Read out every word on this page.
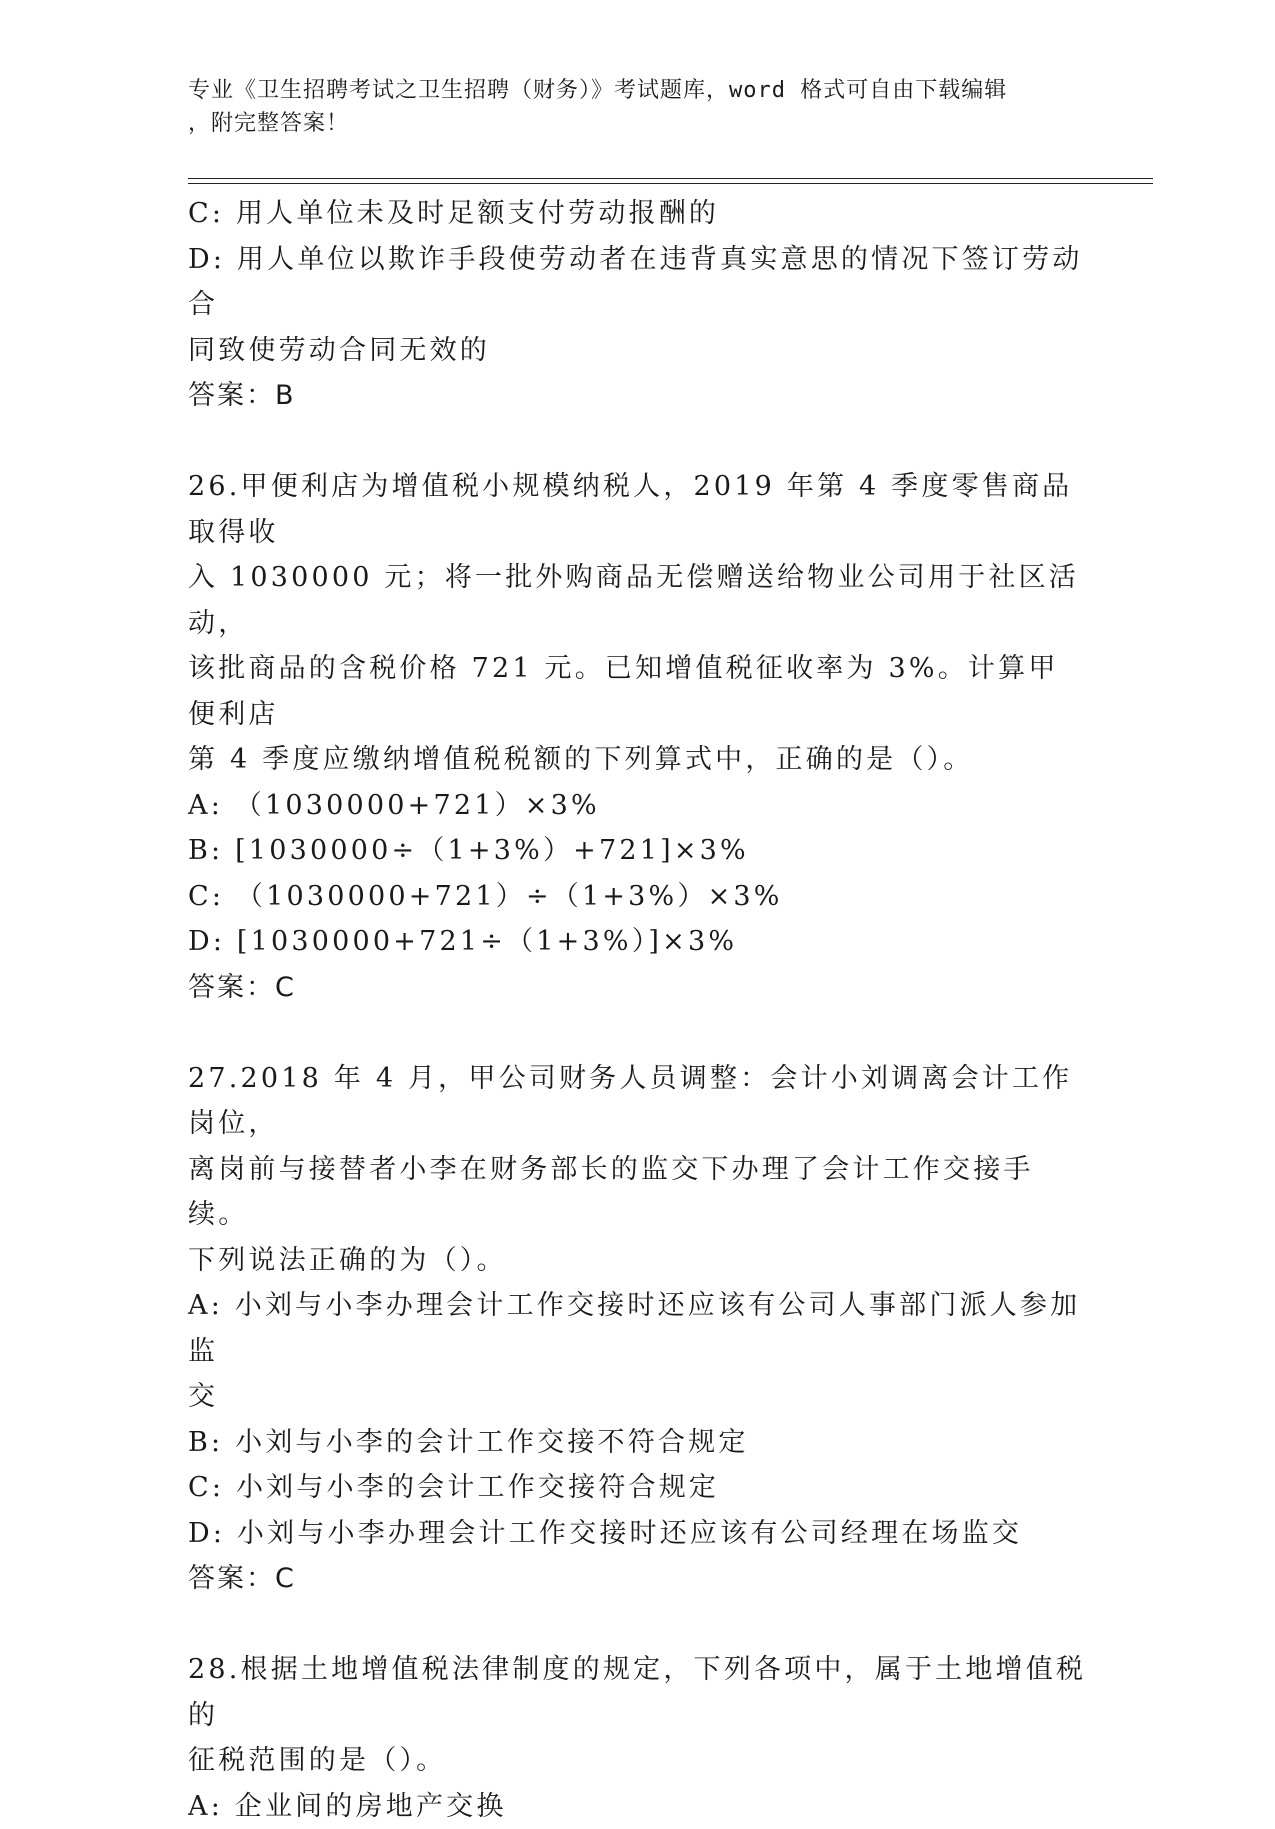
专业《卫生招聘考试之卫生招聘（财务）》考试题库，word 格式可自由下载编辑
，附完整答案！

C: 用人单位未及时足额支付劳动报酬的

D: 用人单位以欺诈手段使劳动者在违背真实意思的情况下签订劳动合

同致使劳动合同无效的

答案：B

26.甲便利店为增值税小规模纳税人，2019 年第 4 季度零售商品取得收

入 1030000 元；将一批外购商品无偿赠送给物业公司用于社区活动，

该批商品的含税价格 721 元。已知增值税征收率为 3%。计算甲便利店

第 4 季度应缴纳增值税税额的下列算式中，正确的是（）。

A: （1030000+721）×3%

B: [1030000÷（1+3%）+721]×3%

C: （1030000+721）÷（1+3%）×3%

D: [1030000+721÷（1+3%）]×3%

答案：C

27.2018 年 4 月，甲公司财务人员调整：会计小刘调离会计工作岗位，

离岗前与接替者小李在财务部长的监交下办理了会计工作交接手续。

下列说法正确的为（）。

A: 小刘与小李办理会计工作交接时还应该有公司人事部门派人参加监

交

B: 小刘与小李的会计工作交接不符合规定

C: 小刘与小李的会计工作交接符合规定

D: 小刘与小李办理会计工作交接时还应该有公司经理在场监交

答案：C

28.根据土地增值税法律制度的规定，下列各项中，属于土地增值税的

征税范围的是（）。

A: 企业间的房地产交换
